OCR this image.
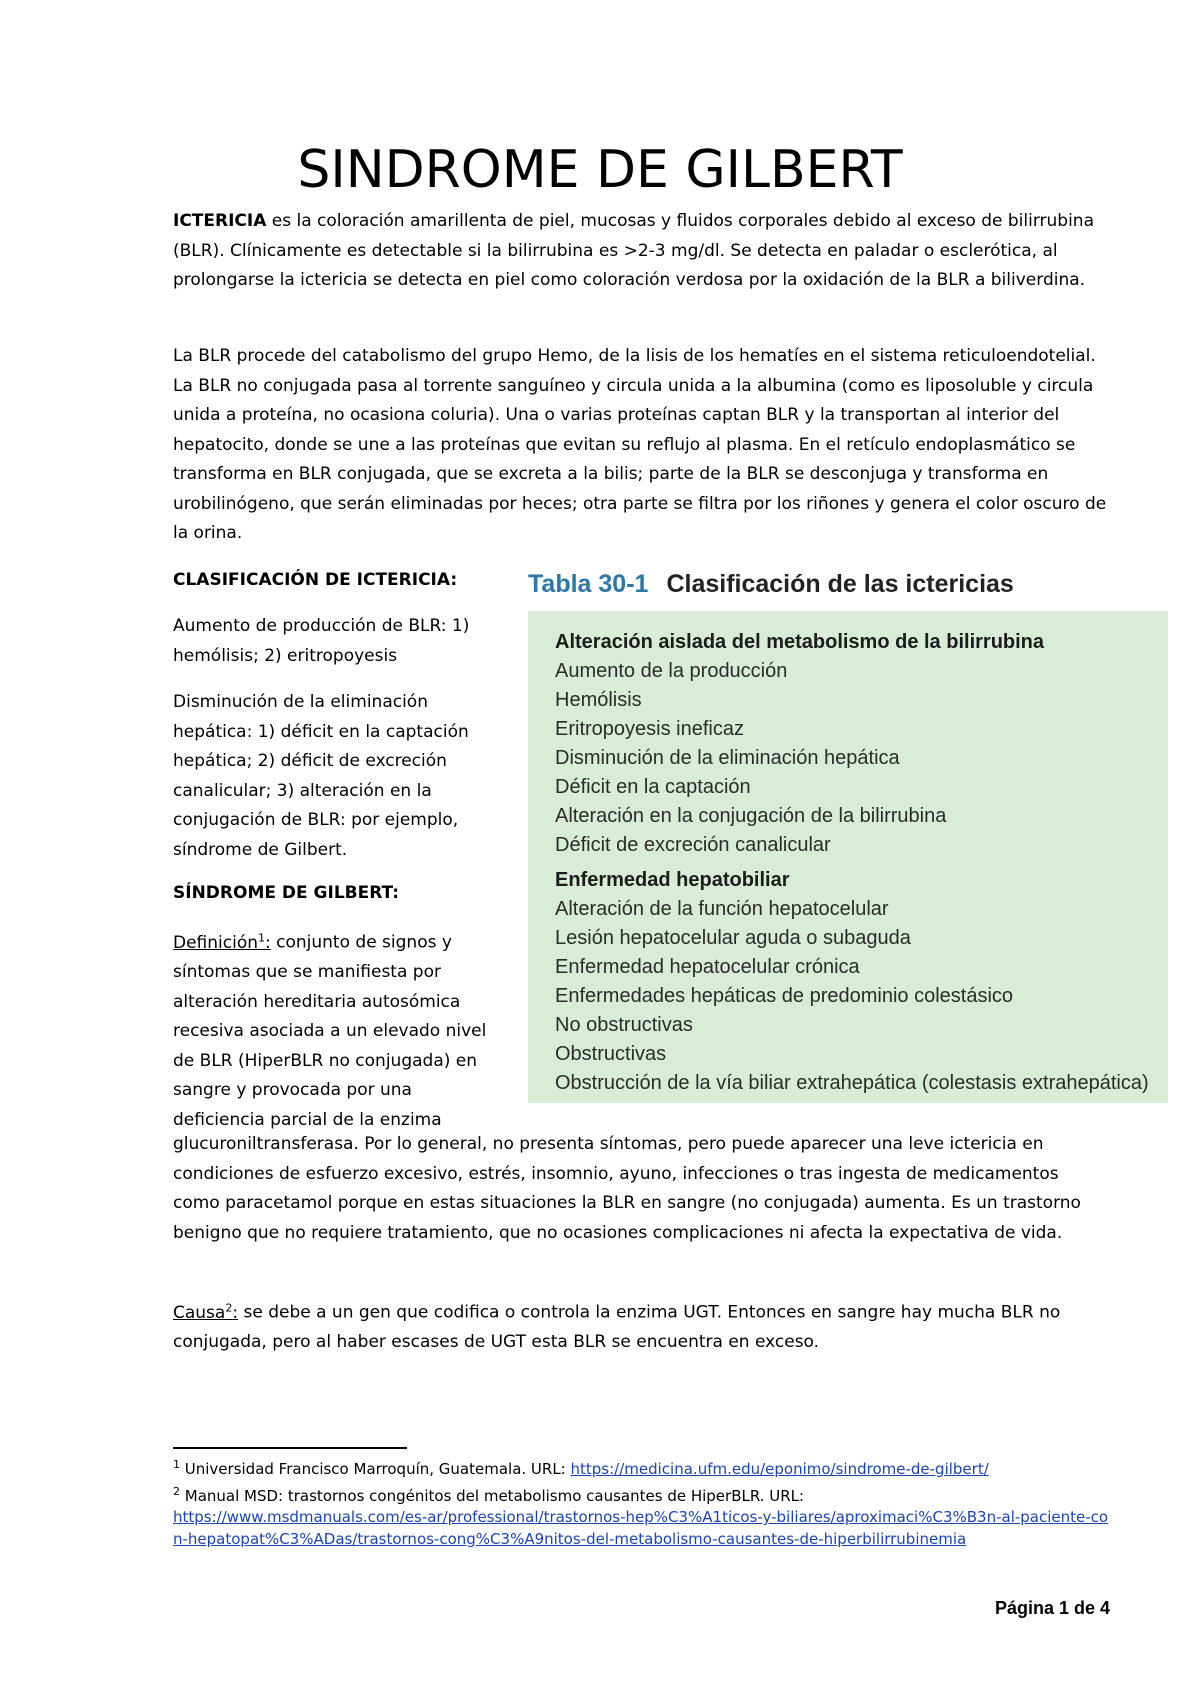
SINDROME DE GILBERT

ICTERICIA es la coloración amarillenta de piel, mucosas y fluidos corporales debido al exceso de bilirrubina (BLR). Clínicamente es detectable si la bilirrubina es >2-3 mg/dl. Se detecta en paladar o esclerótica, al prolongarse la ictericia se detecta en piel como coloración verdosa por la oxidación de la BLR a biliverdina.

La BLR procede del catabolismo del grupo Hemo, de la lisis de los hematíes en el sistema reticuloendotelial. La BLR no conjugada pasa al torrente sanguíneo y circula unida a la albumina (como es liposoluble y circula unida a proteína, no ocasiona coluria). Una o varias proteínas captan BLR y la transportan al interior del hepatocito, donde se une a las proteínas que evitan su reflujo al plasma. En el retículo endoplasmático se transforma en BLR conjugada, que se excreta a la bilis; parte de la BLR se desconjuga y transforma en urobilinógeno, que serán eliminadas por heces; otra parte se filtra por los riñones y genera el color oscuro de la orina.

CLASIFICACIÓN DE ICTERICIA:

Aumento de producción de BLR: 1) hemólisis; 2) eritropoyesis

Disminución de la eliminación hepática: 1) déficit en la captación hepática; 2) déficit de excreción canalicular; 3) alteración en la conjugación de BLR: por ejemplo, síndrome de Gilbert.

SÍNDROME DE GILBERT:

Definición$^1$: conjunto de signos y síntomas que se manifiesta por alteración hereditaria autosómica recesiva asociada a un elevado nivel de BLR (HiperBLR no conjugada) en sangre y provocada por una deficiencia parcial de la enzima

glucuroniltransferasa. Por lo general, no presenta síntomas, pero puede aparecer una leve ictericia en condiciones de esfuerzo excesivo, estrés, insomnio, ayuno, infecciones o tras ingesta de medicamentos como paracetamol porque en estas situaciones la BLR en sangre (no conjugada) aumenta. Es un trastorno benigno que no requiere tratamiento, que no ocasiones complicaciones ni afecta la expectativa de vida.

Causa$^2$: se debe a un gen que codifica o controla la enzima UGT. Entonces en sangre hay mucha BLR no conjugada, pero al haber escases de UGT esta BLR se encuentra en exceso.

Tabla 30-1 Clasificación de las ictericias
Alteración aislada del metabolismo de la bilirrubina
Aumento de la producción
Hemólisis
Eritropoyesis ineficaz
Disminución de la eliminación hepática
Déficit en la captación
Alteración en la conjugación de la bilirrubina
Déficit de excreción canalicular
Enfermedad hepatobiliar
Alteración de la función hepatocelular
Lesión hepatocelular aguda o subaguda
Enfermedad hepatocelular crónica
Enfermedades hepáticas de predominio colestásico
No obstructivas
Obstructivas
Obstrucción de la vía biliar extrahepática (colestasis extrahepática)
$^1$ Universidad Francisco Marroquín, Guatemala. URL: https://medicina.ufm.edu/eponimo/sindrome-de-gilbert/
$^2$ Manual MSD: trastornos congénitos del metabolismo causantes de HiperBLR. URL:
https://www.msdmanuals.com/es-ar/professional/trastornos-hep%C3%A1ticos-y-biliares/aproximaci%C3%B3n-al-paciente-con-hepatopat%C3%ADas/trastornos-cong%C3%A9nitos-del-metabolismo-causantes-de-hiperbilirrubinemia
Página 1 de 4
